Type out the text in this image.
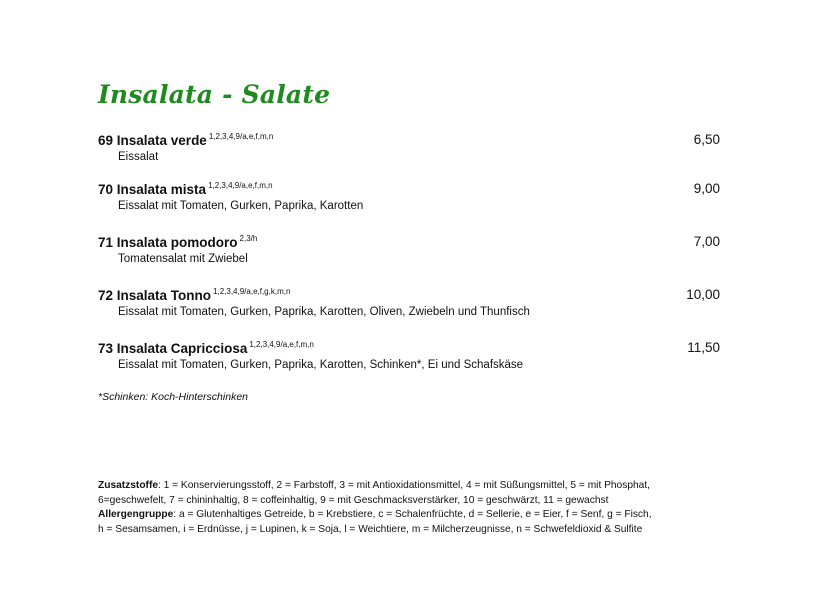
Insalata - Salate
69 Insalata verde $^{1,2,3,4,9/a,e,f,m,n}$	6,50
Eissalat
70 Insalata mista $^{1,2,3,4,9/a,e,f,m,n}$	9,00
Eissalat mit Tomaten, Gurken, Paprika, Karotten
71 Insalata pomodoro $^{2,3/h}$	7,00
Tomatensalat mit Zwiebel
72 Insalata Tonno $^{1,2,3,4,9/a,e,f,g,k,m,n}$	10,00
Eissalat mit Tomaten, Gurken, Paprika, Karotten, Oliven, Zwiebeln und Thunfisch
73 Insalata Capricciosa $^{1,2,3,4,9/a,e,f,m,n}$	11,50
Eissalat mit Tomaten, Gurken, Paprika, Karotten, Schinken*, Ei und Schafskäse
*Schinken: Koch-Hinterschinken
Zusatzstoffe: 1 = Konservierungsstoff, 2 = Farbstoff, 3 = mit Antioxidationsmittel, 4 = mit Süßungsmittel, 5 = mit Phosphat,
6=geschwefelt, 7 = chininhaltig, 8 = coffeinhaltig, 9 = mit Geschmacksverstärker, 10 = geschwärzt, 11 = gewachst
Allergengruppe: a = Glutenhaltiges Getreide, b = Krebstiere, c = Schalenfrüchte, d = Sellerie, e = Eier, f = Senf, g = Fisch,
h = Sesamsamen, i = Erdnüsse, j = Lupinen, k = Soja, l = Weichtiere, m = Milcherzeugnisse, n = Schwefeldioxid & Sulfite
